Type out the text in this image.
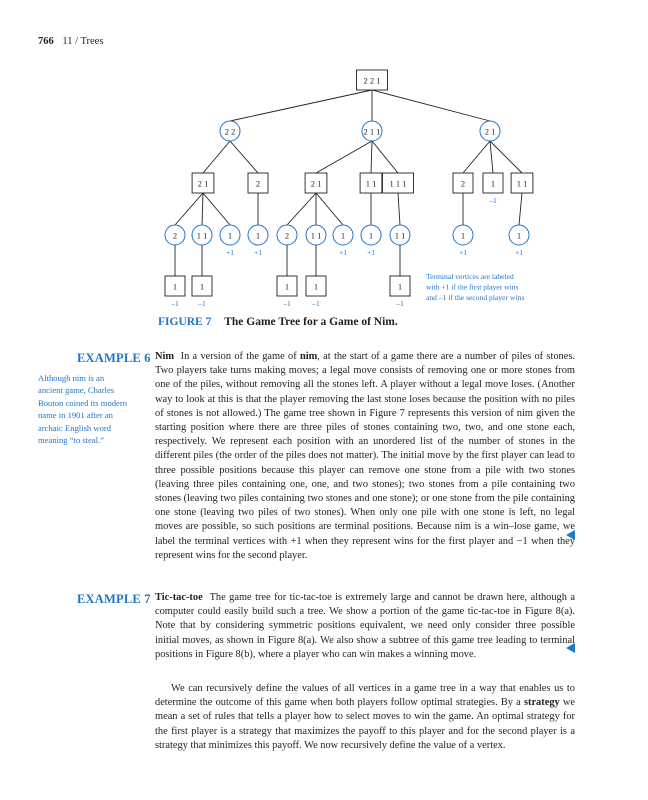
766 11 / Trees
2 2 1
2 2	2 1 1	2 1
2 1	2	2 1	1 1 1 1 1	2	1
–1
1 1
2 1 1 1
+1
1
+1
2	1 1 1
+1
1
+1
1 1	1
+1
1
+1
1
–1
1
–1
1
–1
1
–1
1
–1
Terminal vertices are labeled
with +1 if the first player wins
and –1 if the second player wins
FIGURE 7 The Game Tree for a Game of Nim.
EXAMPLE 6
Although nim is an ancient game, Charles Bouton coined its modern name in 1901 after an archaic English word meaning “to steal.”
Nim In a version of the game of nim, at the start of a game there are a number of piles of stones. Two players take turns making moves; a legal move consists of removing one or more stones from one of the piles, without removing all the stones left. A player without a legal move loses. (Another way to look at this is that the player removing the last stone loses because the position with no piles of stones is not allowed.) The game tree shown in Figure 7 represents this version of nim given the starting position where there are three piles of stones containing two, two, and one stone each, respectively. We represent each position with an unordered list of the number of stones in the different piles (the order of the piles does not matter). The initial move by the first player can lead to three possible positions because this player can remove one stone from a pile with two stones (leaving three piles containing one, one, and two stones); two stones from a pile containing two stones (leaving two piles containing two stones and one stone); or one stone from the pile containing one stone (leaving two piles of two stones). When only one pile with one stone is left, no legal moves are possible, so such positions are terminal positions. Because nim is a win–lose game, we label the terminal vertices with +1 when they represent wins for the first player and −1 when they represent wins for the second player.
EXAMPLE 7 Tic-tac-toe The game tree for tic-tac-toe is extremely large and cannot be drawn here, although a computer could easily build such a tree. We show a portion of the game tic-tac-toe in Figure 8(a). Note that by considering symmetric positions equivalent, we need only consider three possible initial moves, as shown in Figure 8(a). We also show a subtree of this game tree leading to terminal positions in Figure 8(b), where a player who can win makes a winning move.
We can recursively define the values of all vertices in a game tree in a way that enables us to determine the outcome of this game when both players follow optimal strategies. By a strategy we mean a set of rules that tells a player how to select moves to win the game. An optimal strategy for the first player is a strategy that maximizes the payoff to this player and for the second player is a strategy that minimizes this payoff. We now recursively define the value of a vertex.
